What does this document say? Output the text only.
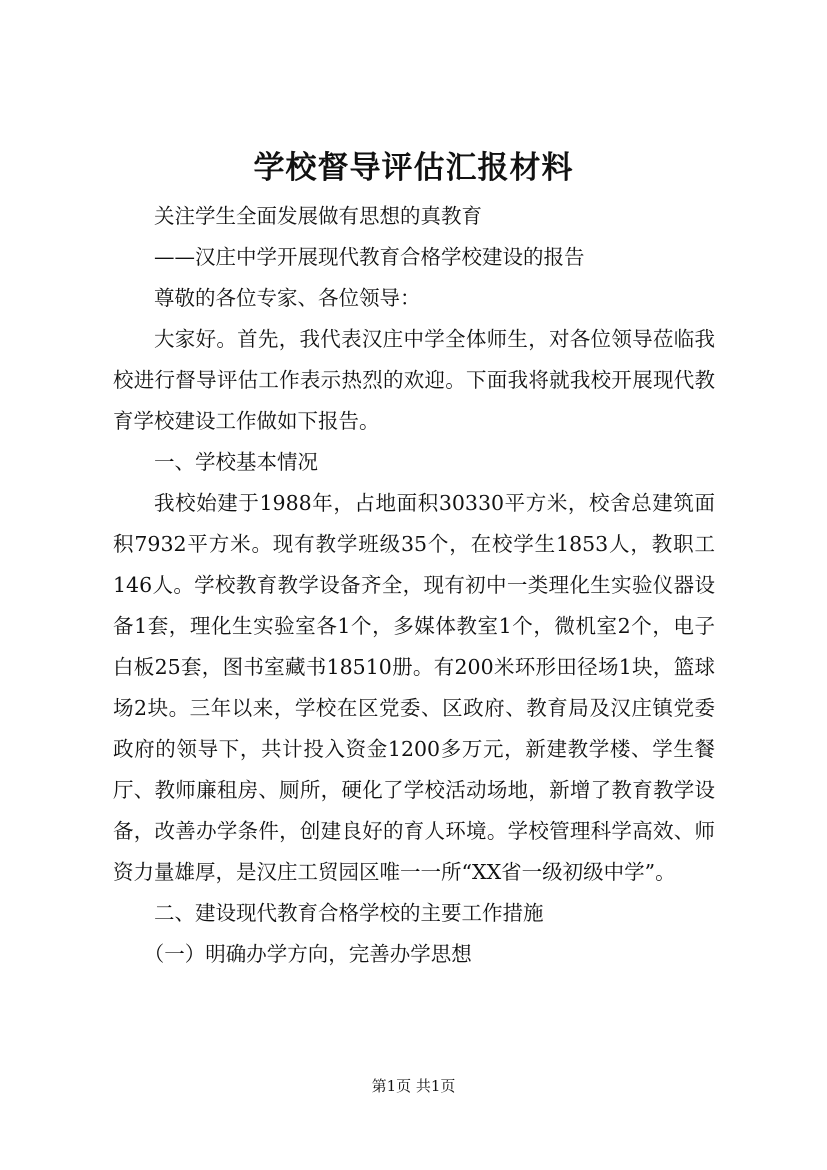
学校督导评估汇报材料

关注学生全面发展做有思想的真教育

——汉庄中学开展现代教育合格学校建设的报告

尊敬的各位专家、各位领导：

大家好。首先，我代表汉庄中学全体师生，对各位领导莅临我校进行督导评估工作表示热烈的欢迎。下面我将就我校开展现代教育学校建设工作做如下报告。

一、学校基本情况

我校始建于1988年，占地面积30330平方米，校舍总建筑面积7932平方米。现有教学班级35个，在校学生1853人，教职工146人。学校教育教学设备齐全，现有初中一类理化生实验仪器设备1套，理化生实验室各1个，多媒体教室1个，微机室2个，电子白板25套，图书室藏书18510册。有200米环形田径场1块，篮球场2块。三年以来，学校在区党委、区政府、教育局及汉庄镇党委政府的领导下，共计投入资金1200多万元，新建教学楼、学生餐厅、教师廉租房、厕所，硬化了学校活动场地，新增了教育教学设备，改善办学条件，创建良好的育人环境。学校管理科学高效、师资力量雄厚，是汉庄工贸园区唯一一所“XX省一级初级中学”。

二、建设现代教育合格学校的主要工作措施

（一）明确办学方向，完善办学思想

第1页 共1页
